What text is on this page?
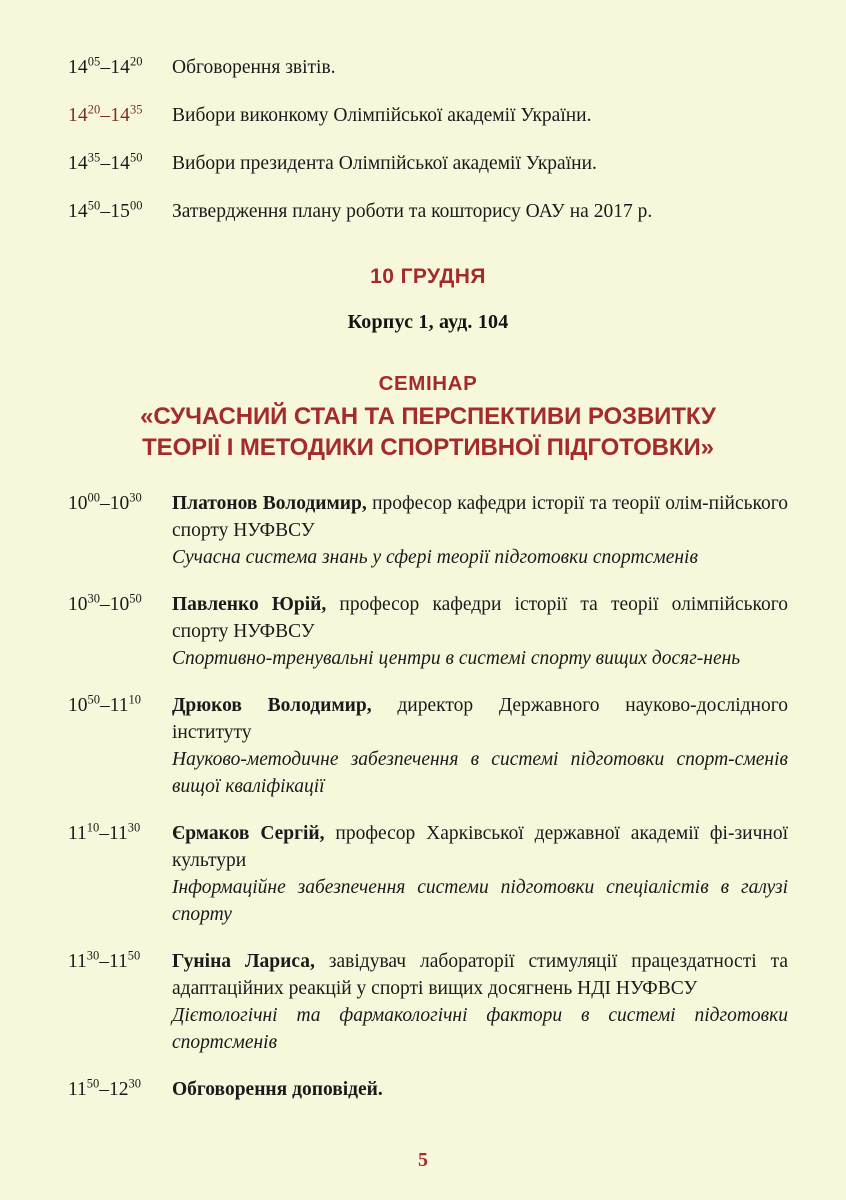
$14^{05}-14^{20}$	Обговорення звітів.
$14^{20}-14^{35}$	Вибори виконкому Олімпійської академії України.
$14^{35}-14^{50}$	Вибори президента Олімпійської академії України.
$14^{50}-15^{00}$	Затвердження плану роботи та кошторису ОАУ на 2017 р.
10 ГРУДНЯ
Корпус 1, ауд. 104
СЕМІНАР
«СУЧАСНИЙ СТАН ТА ПЕРСПЕКТИВИ РОЗВИТКУ
ТЕОРІЇ І МЕТОДИКИ СПОРТИВНОЇ ПІДГОТОВКИ»
$10^{00}-10^{30}$	Платонов Володимир, професор кафедри історії та теорії олім-пійського спорту НУФВСУ
Сучасна система знань у сфері теорії підготовки спортсменів
$10^{30}-10^{50}$	Павленко Юрій, професор кафедри історії та теорії олімпійського спорту НУФВСУ
Спортивно-тренувальні центри в системі спорту вищих досяг-нень
$10^{50}-11^{10}$	Дрюков Володимир, директор Державного науково-дослідного інституту
Науково-методичне забезпечення в системі підготовки спорт-сменів вищої кваліфікації
$11^{10}-11^{30}$	Єрмаков Сергій, професор Харківської державної академії фі-зичної культури
Інформаційне забезпечення системи підготовки спеціалістів в галузі спорту
$11^{30}-11^{50}$	Гуніна Лариса, завідувач лабораторії стимуляції працездатності та адаптаційних реакцій у спорті вищих досягнень НДІ НУФВСУ
Дієтологічні та фармакологічні фактори в системі підготовки спортсменів
$11^{50}-12^{30}$	Обговорення доповідей.
5
